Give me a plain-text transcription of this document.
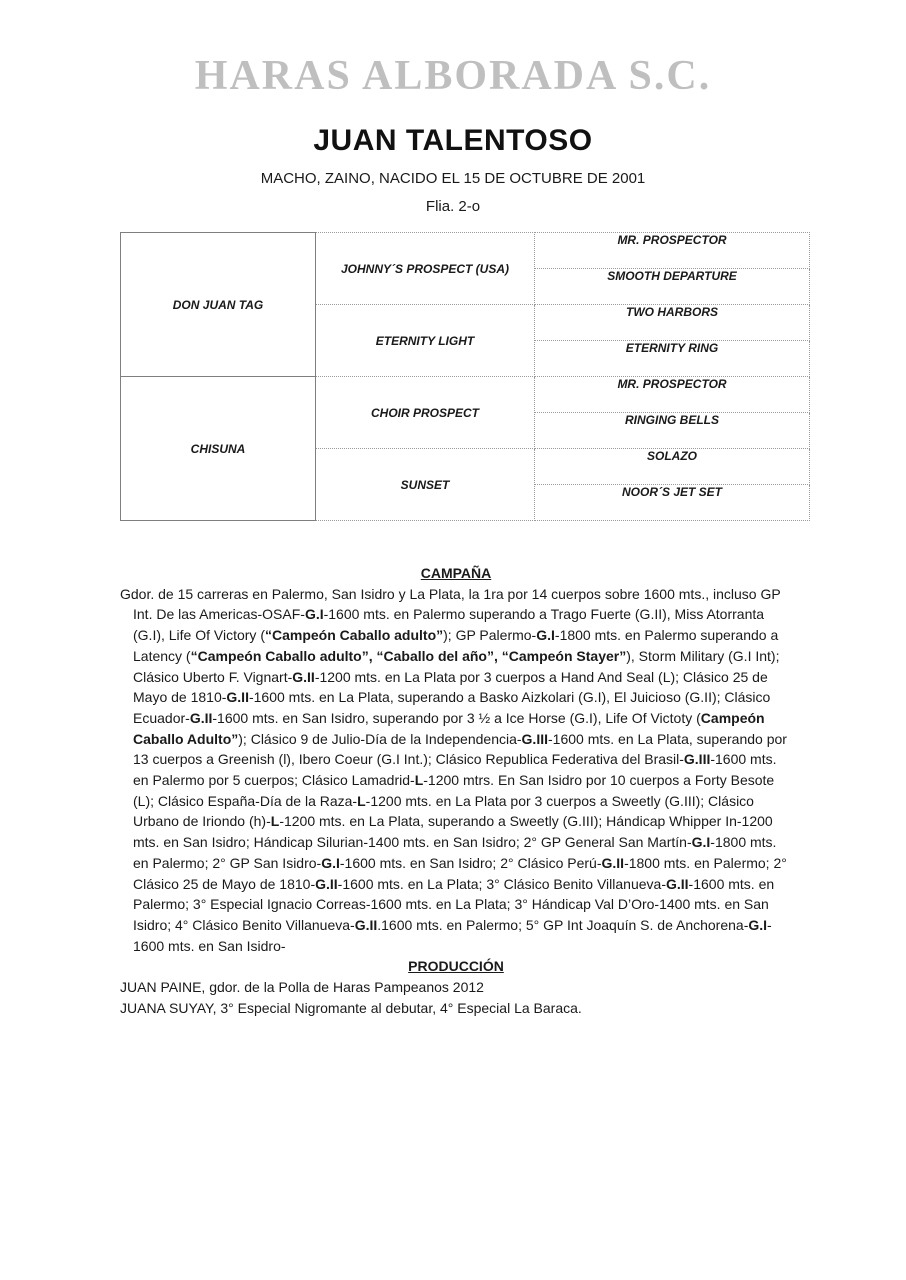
HARAS ALBORADA S.C.
JUAN TALENTOSO
MACHO, ZAINO, NACIDO EL 15 DE OCTUBRE DE 2001
Flia. 2-o
DON JUAN TAG	JOHNNY´S PROSPECT (USA)	MR. PROSPECTOR
		SMOOTH DEPARTURE
	ETERNITY LIGHT	TWO HARBORS
		ETERNITY RING
CHISUNA	CHOIR PROSPECT	MR. PROSPECTOR
		RINGING BELLS
	SUNSET	SOLAZO
		NOOR´S JET SET
CAMPAÑA

Gdor. de 15 carreras en Palermo, San Isidro y La Plata, la 1ra por 14 cuerpos sobre 1600 mts., incluso GP Int. De las Americas-OSAF-G.I-1600 mts. en Palermo superando a Trago Fuerte (G.II), Miss Atorranta (G.I), Life Of Victory (“Campeón Caballo adulto”); GP Palermo-G.I-1800 mts. en Palermo superando a Latency (“Campeón Caballo adulto”, “Caballo del año”, “Campeón Stayer”), Storm Military (G.I Int); Clásico Uberto F. Vignart-G.II-1200 mts. en La Plata por 3 cuerpos a Hand And Seal (L); Clásico 25 de Mayo de 1810-G.II-1600 mts. en La Plata, superando a Basko Aizkolari (G.I), El Juicioso (G.II); Clásico Ecuador-G.II-1600 mts. en San Isidro, superando por 3 ½ a Ice Horse (G.I), Life Of Victoty (Campeón Caballo Adulto”); Clásico 9 de Julio-Día de la Independencia-G.III-1600 mts. en La Plata, superando por 13 cuerpos a Greenish (l), Ibero Coeur (G.I Int.); Clásico Republica Federativa del Brasil-G.III-1600 mts. en Palermo por 5 cuerpos; Clásico Lamadrid-L-1200 mtrs. En San Isidro por 10 cuerpos a Forty Besote (L); Clásico España-Día de la Raza-L-1200 mts. en La Plata por 3 cuerpos a Sweetly (G.III); Clásico Urbano de Iriondo (h)-L-1200 mts. en La Plata, superando a Sweetly (G.III); Hándicap Whipper In-1200 mts. en San Isidro; Hándicap Silurian-1400 mts. en San Isidro; 2° GP General San Martín-G.I-1800 mts. en Palermo; 2° GP San Isidro-G.I-1600 mts. en San Isidro; 2° Clásico Perú-G.II-1800 mts. en Palermo; 2° Clásico 25 de Mayo de 1810-G.II-1600 mts. en La Plata; 3° Clásico Benito Villanueva-G.II-1600 mts. en Palermo; 3° Especial Ignacio Correas-1600 mts. en La Plata; 3° Hándicap Val D’Oro-1400 mts. en San Isidro; 4° Clásico Benito Villanueva-G.II.1600 mts. en Palermo; 5° GP Int Joaquín S. de Anchorena-G.I-1600 mts. en San Isidro-

PRODUCCIÓN
JUAN PAINE, gdor. de la Polla de Haras Pampeanos 2012
JUANA SUYAY, 3° Especial Nigromante al debutar, 4° Especial La Baraca.
